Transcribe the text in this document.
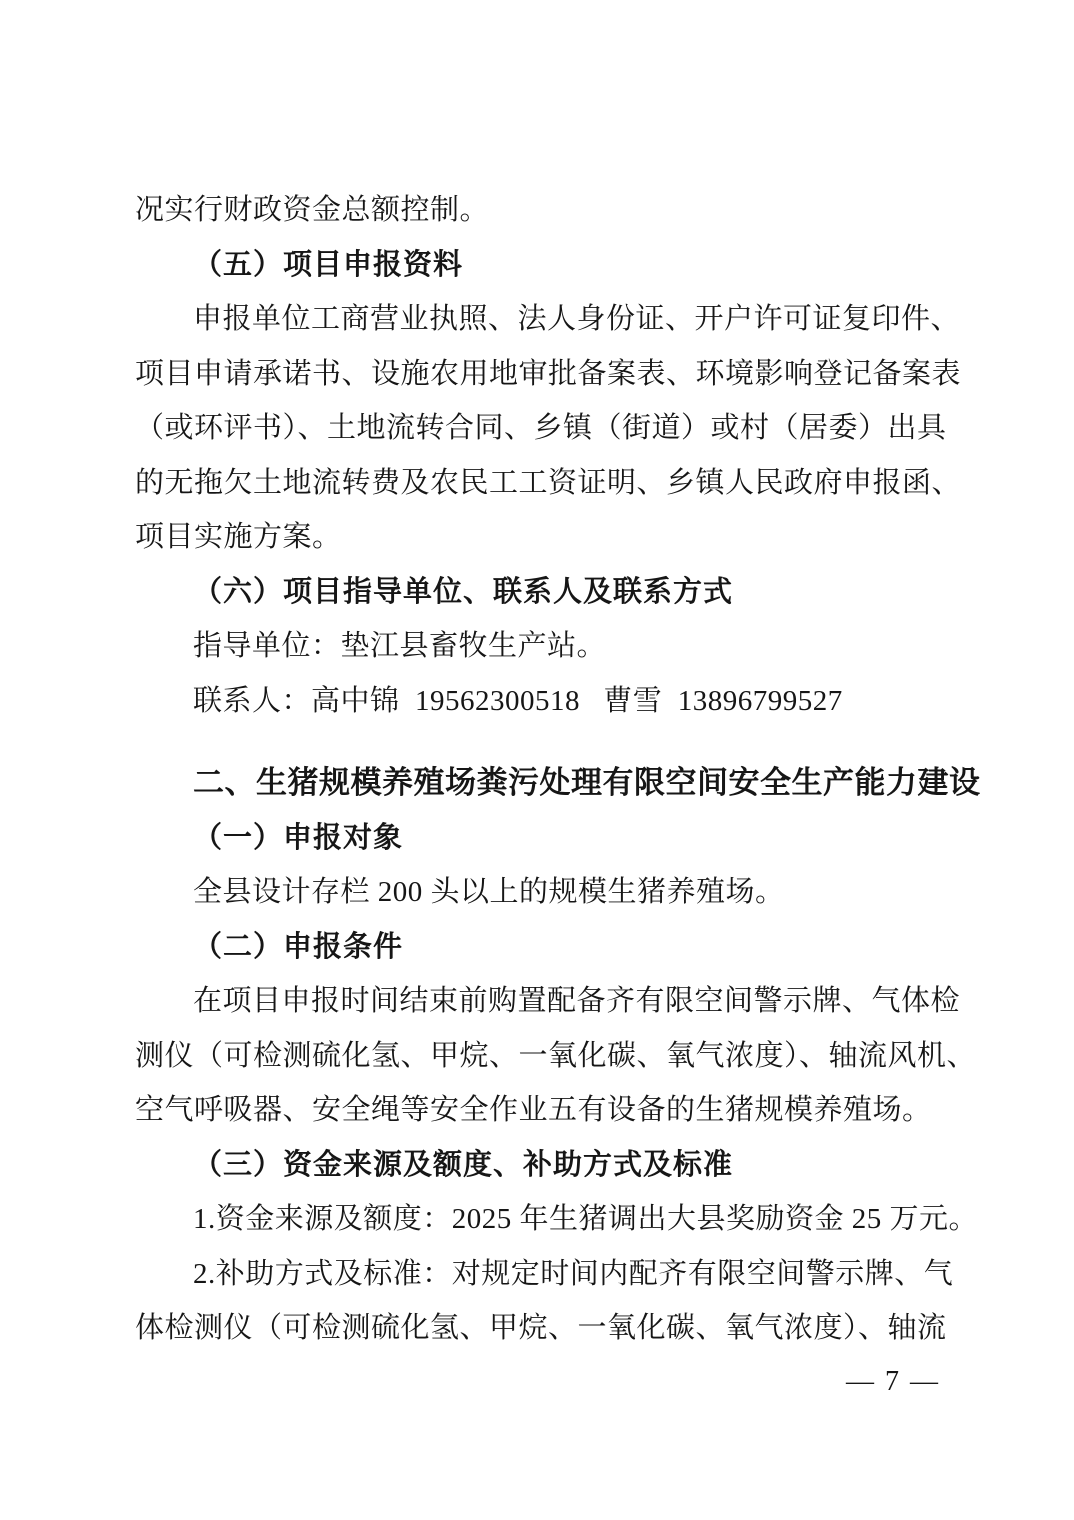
况实行财政资金总额控制。
（五）项目申报资料
申报单位工商营业执照、法人身份证、开户许可证复印件、
项目申请承诺书、设施农用地审批备案表、环境影响登记备案表
（或环评书）、土地流转合同、乡镇（街道）或村（居委）出具
的无拖欠土地流转费及农民工工资证明、乡镇人民政府申报函、
项目实施方案。
（六）项目指导单位、联系人及联系方式
指导单位：垫江县畜牧生产站。
联系人：高中锦  19562300518   曹雪  13896799527
二、生猪规模养殖场粪污处理有限空间安全生产能力建设
（一）申报对象
全县设计存栏 200 头以上的规模生猪养殖场。
（二）申报条件
在项目申报时间结束前购置配备齐有限空间警示牌、气体检
测仪（可检测硫化氢、甲烷、一氧化碳、氧气浓度）、轴流风机、
空气呼吸器、安全绳等安全作业五有设备的生猪规模养殖场。
（三）资金来源及额度、补助方式及标准
1.资金来源及额度：2025 年生猪调出大县奖励资金 25 万元。
2.补助方式及标准：对规定时间内配齐有限空间警示牌、气
体检测仪（可检测硫化氢、甲烷、一氧化碳、氧气浓度）、轴流
— 7 —
